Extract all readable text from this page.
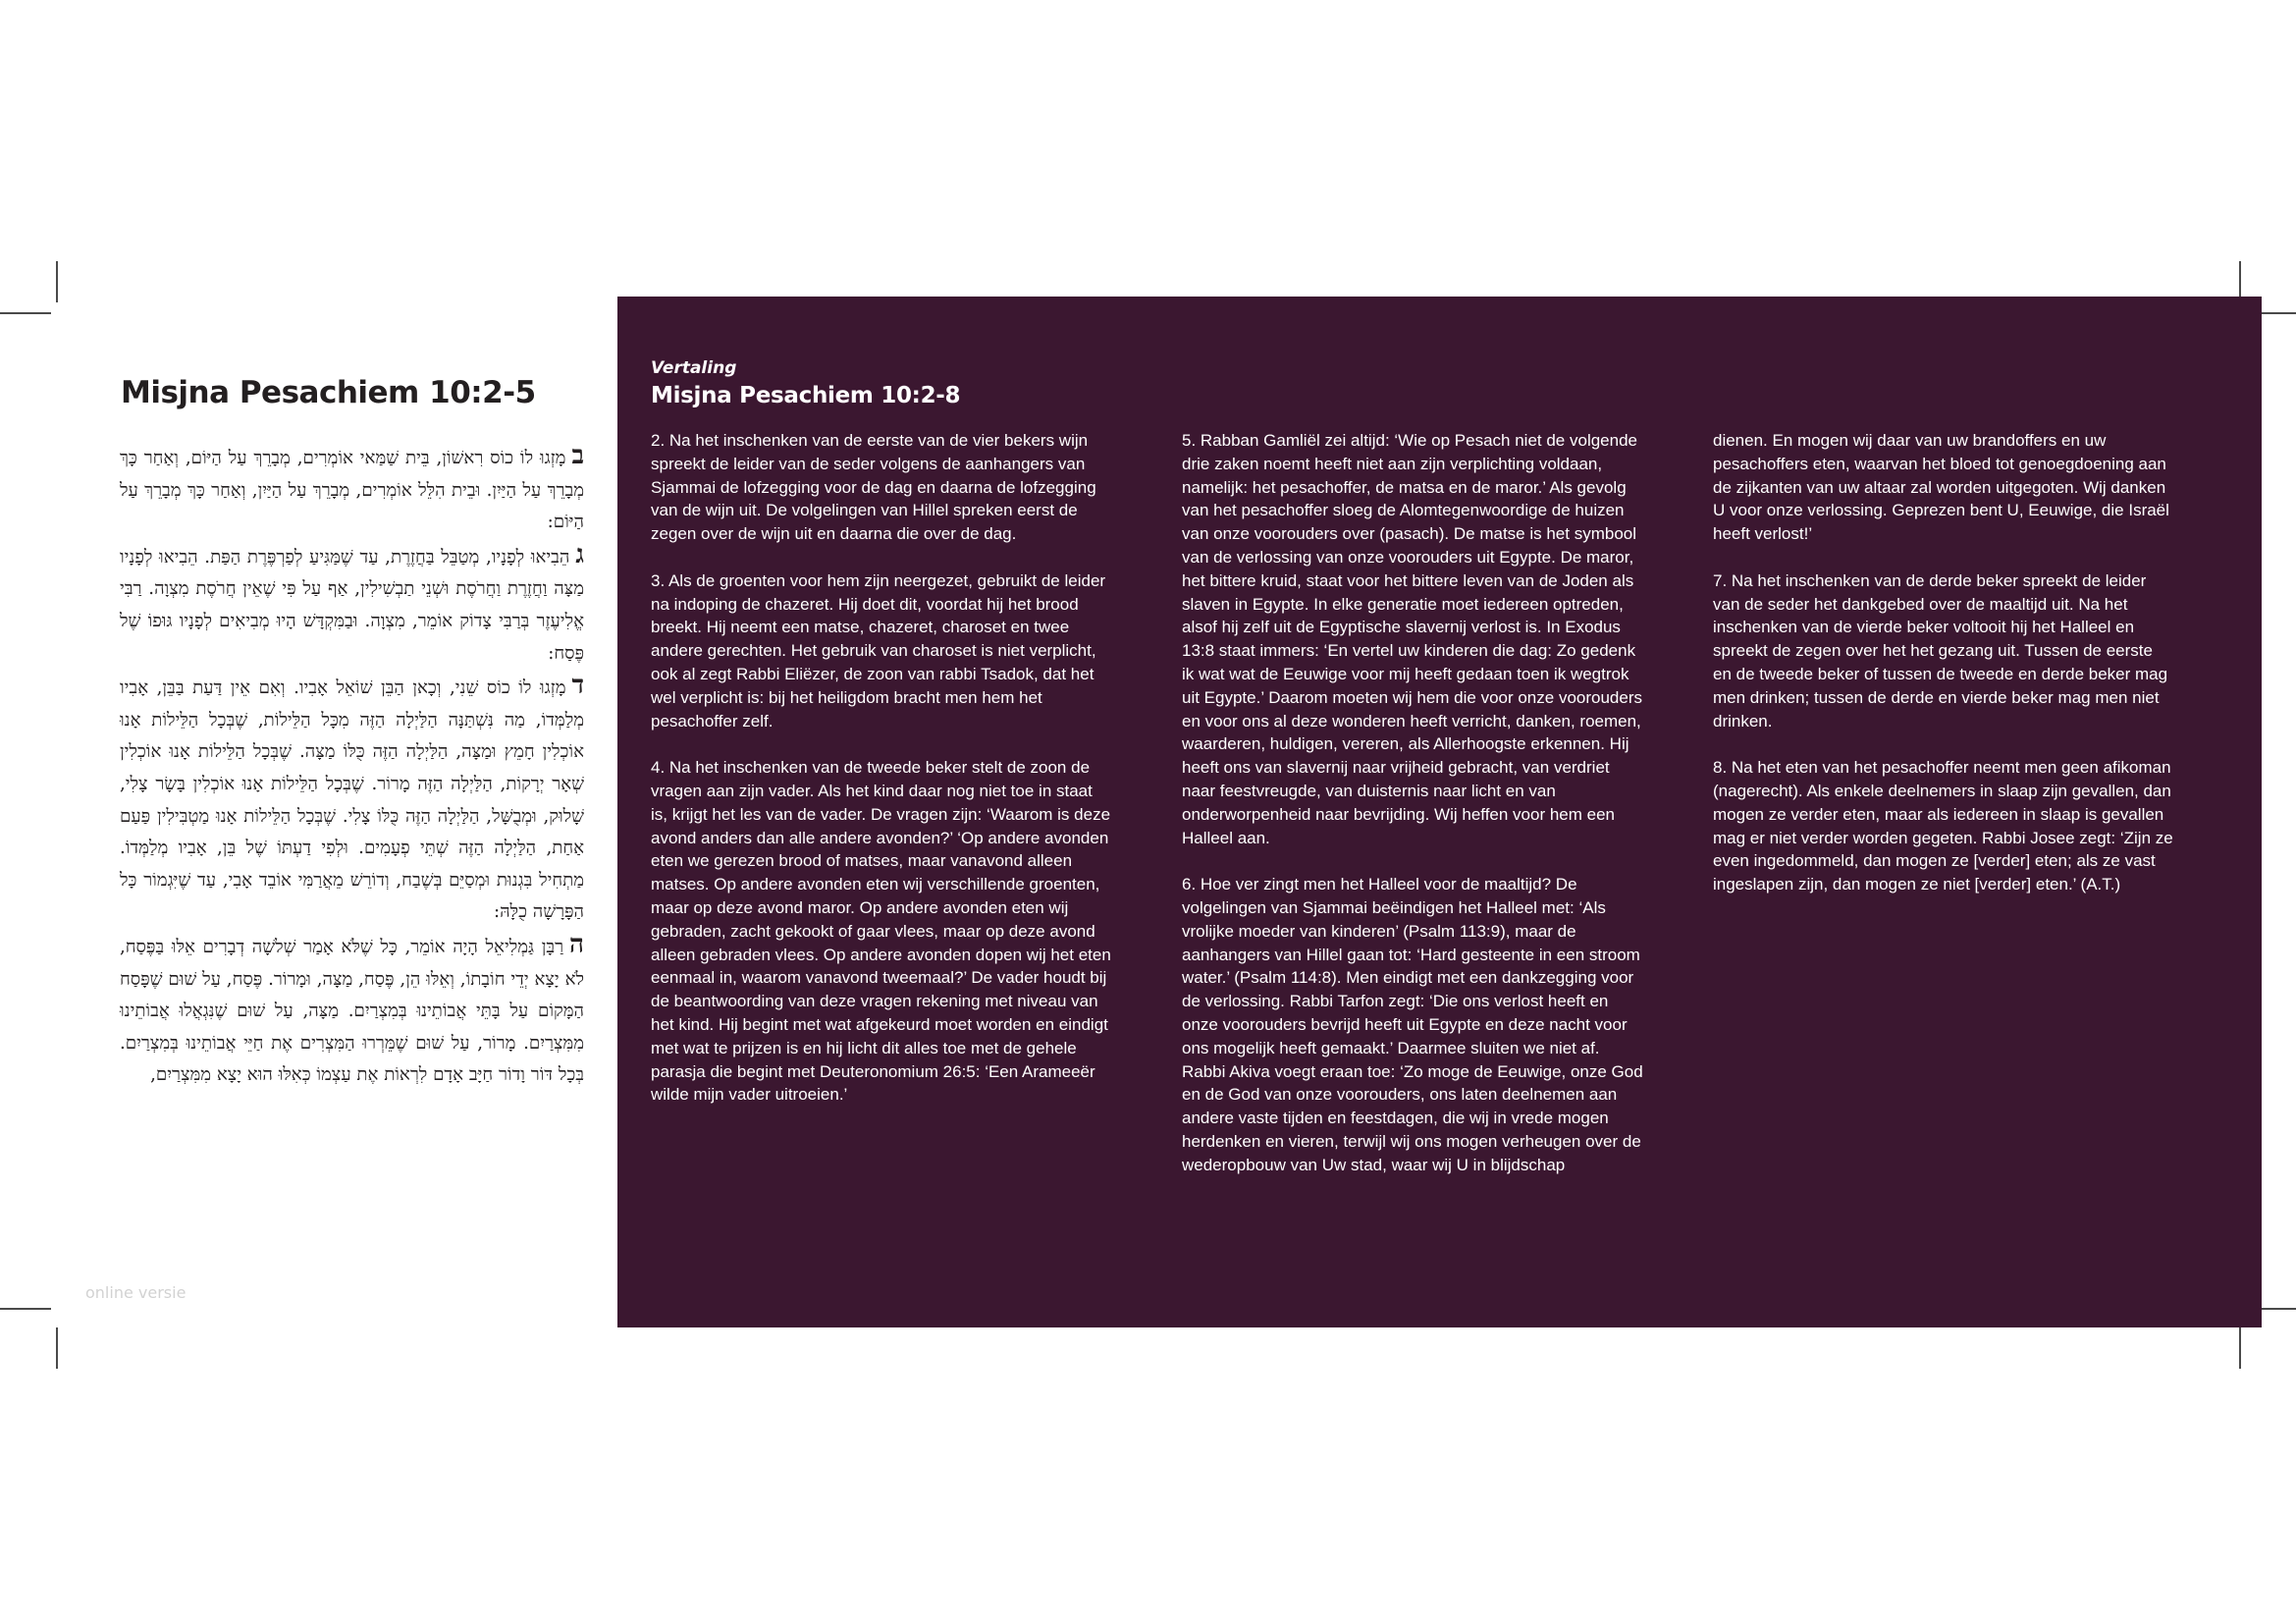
Misjna Pesachiem 10:2-5

במָזְגוּ לוֹ כוֹס רִאשׁוֹן, בֵּית שַׁמַּאי אוֹמְרִים, מְבָרֵךְ עַל הַיּוֹם, וְאַחַר כָּךְ מְבָרֵךְ עַל הַיַּיִן. וּבֵית הִלֵּל אוֹמְרִים, מְבָרֵךְ עַל הַיַּיִן, וְאַחַר כָּךְ מְבָרֵךְ עַל הַיּוֹם:

גהֵבִיאוּ לְפָנָיו, מְטַבֵּל בַּחֲזֶרֶת, עַד שֶׁמַּגִּיעַ לְפַרְפֶּרֶת הַפַּת. הֵבִיאוּ לְפָנָיו מַצָּה וַחֲזֶרֶת וַחֲרֹסֶת וּשְׁנֵי תַבְשִׁילִין, אַף עַל פִּי שֶׁאֵין חֲרֹסֶת מִצְוָה. רַבִּי אֱלִיעֶזֶר בְּרַבִּי צָדוֹק אוֹמֵר, מִצְוָה. וּבַמִּקְדָּשׁ הָיוּ מְבִיאִים לְפָנָיו גּוּפוֹ שֶׁל פֶּסַח:

דמָזְגוּ לוֹ כוֹס שֵׁנִי, וְכָאן הַבֵּן שׁוֹאֵל אָבִיו. וְאִם אֵין דַּעַת בַּבֵּן, אָבִיו מְלַמְּדוֹ, מַה נִּשְׁתַּנָּה הַלַּיְלָה הַזֶּה מִכָּל הַלֵּילוֹת, שֶׁבְּכָל הַלֵּילוֹת אָנוּ אוֹכְלִין חָמֵץ וּמַצָּה, הַלַּיְלָה הַזֶּה כֻּלּוֹ מַצָּה. שֶׁבְּכָל הַלֵּילוֹת אָנוּ אוֹכְלִין שְׁאָר יְרָקוֹת, הַלַּיְלָה הַזֶּה מָרוֹר. שֶׁבְּכָל הַלֵּילוֹת אָנוּ אוֹכְלִין בָּשָׂר צָלִי, שָׁלוּק, וּמְבֻשָּׁל, הַלַּיְלָה הַזֶּה כֻּלּוֹ צָלִי. שֶׁבְּכָל הַלֵּילוֹת אָנוּ מַטְבִּילִין פַּעַם אַחַת, הַלַּיְלָה הַזֶּה שְׁתֵּי פְעָמִים. וּלְפִי דַעְתּוֹ שֶׁל בֵּן, אָבִיו מְלַמְּדוֹ. מַתְחִיל בִּגְנוּת וּמְסַיֵּם בְּשֶׁבַח, וְדוֹרֵשׁ מֵאֲרַמִּי אוֹבֵד אָבִי, עַד שֶׁיִּגְמוֹר כָּל הַפָּרָשָׁה כֻלָּהּ:

הרַבָּן גַּמְלִיאֵל הָיָה אוֹמֵר, כָּל שֶׁלֹּא אָמַר שְׁלשָׁה דְבָרִים אֵלּוּ בַּפֶּסַח, לֹא יָצָא יְדֵי חוֹבָתוֹ, וְאֵלּוּ הֵן, פֶּסַח, מַצָּה, וּמָרוֹר. פֶּסַח, עַל שׁוּם שֶׁפָּסַח הַמָּקוֹם עַל בָּתֵּי אֲבוֹתֵינוּ בְּמִצְרַיִם. מַצָּה, עַל שׁוּם שֶׁנִּגְאֲלוּ אֲבוֹתֵינוּ מִמִּצְרַיִם. מָרוֹר, עַל שׁוּם שֶׁמֵּרְרוּ הַמִּצְרִים אֶת חַיֵּי אֲבוֹתֵינוּ בְּמִצְרַיִם. בְּכָל דּוֹר וָדוֹר חַיָּב אָדָם לִרְאוֹת אֶת עַצְמוֹ כְּאִלּוּ הוּא יָצָא מִמִּצְרַיִם,

online versie
Vertaling
Misjna Pesachiem 10:2-8

2. Na het inschenken van de eerste van de vier bekers wijn spreekt de leider van de seder volgens de aanhangers van Sjammai de lofzegging voor de dag en daarna de lofzegging van de wijn uit. De volgelingen van Hillel spreken eerst de zegen over de wijn uit en daarna die over de dag.

3. Als de groenten voor hem zijn neergezet, gebruikt de leider na indoping de chazeret. Hij doet dit, voordat hij het brood breekt. Hij neemt een matse, chazeret, charoset en twee andere gerechten. Het gebruik van charoset is niet verplicht, ook al zegt Rabbi Eliëzer, de zoon van rabbi Tsadok, dat het wel verplicht is: bij het heiligdom bracht men hem het pesachoffer zelf.

4. Na het inschenken van de tweede beker stelt de zoon de vragen aan zijn vader. Als het kind daar nog niet toe in staat is, krijgt het les van de vader. De vragen zijn: ‘Waarom is deze avond anders dan alle andere avonden?’ ‘Op andere avonden eten we gerezen brood of matses, maar vanavond alleen matses. Op andere avonden eten wij verschillende groenten, maar op deze avond maror. Op andere avonden eten wij gebraden, zacht gekookt of gaar vlees, maar op deze avond alleen gebraden vlees. Op andere avonden dopen wij het eten eenmaal in, waarom vanavond tweemaal?’ De vader houdt bij de beantwoording van deze vragen rekening met niveau van het kind. Hij begint met wat afgekeurd moet worden en eindigt met wat te prijzen is en hij licht dit alles toe met de gehele parasja die begint met Deuteronomium 26:5: ‘Een Arameeër wilde mijn vader uitroeien.’

5. Rabban Gamliël zei altijd: ‘Wie op Pesach niet de volgende drie zaken noemt heeft niet aan zijn verplichting voldaan, namelijk: het pesachoffer, de matsa en de maror.’ Als gevolg van het pesachoffer sloeg de Alomtegenwoordige de huizen van onze voorouders over (pasach). De matse is het symbool van de verlossing van onze voorouders uit Egypte. De maror, het bittere kruid, staat voor het bittere leven van de Joden als slaven in Egypte. In elke generatie moet iedereen optreden, alsof hij zelf uit de Egyptische slavernij verlost is. In Exodus 13:8 staat immers: ‘En vertel uw kinderen die dag: Zo gedenk ik wat wat de Eeuwige voor mij heeft gedaan toen ik wegtrok uit Egypte.’ Daarom moeten wij hem die voor onze voorouders en voor ons al deze wonderen heeft verricht, danken, roemen, waarderen, huldigen, vereren, als Allerhoogste erkennen. Hij heeft ons van slavernij naar vrijheid gebracht, van verdriet naar feestvreugde, van duisternis naar licht en van onderworpenheid naar bevrijding. Wij heffen voor hem een Halleel aan.

6. Hoe ver zingt men het Halleel voor de maaltijd? De volgelingen van Sjammai beëindigen het Halleel met: ‘Als vrolijke moeder van kinderen’ (Psalm 113:9), maar de aanhangers van Hillel gaan tot: ‘Hard gesteente in een stroom water.’ (Psalm 114:8). Men eindigt met een dankzegging voor de verlossing. Rabbi Tarfon zegt: ‘Die ons verlost heeft en onze voorouders bevrijd heeft uit Egypte en deze nacht voor ons mogelijk heeft gemaakt.’ Daarmee sluiten we niet af. Rabbi Akiva voegt eraan toe: ‘Zo moge de Eeuwige, onze God en de God van onze voorouders, ons laten deelnemen aan andere vaste tijden en feestdagen, die wij in vrede mogen herdenken en vieren, terwijl wij ons mogen verheugen over de wederopbouw van Uw stad, waar wij U in blijdschap

dienen. En mogen wij daar van uw brandoffers en uw pesachoffers eten, waarvan het bloed tot genoegdoening aan de zijkanten van uw altaar zal worden uitgegoten. Wij danken U voor onze verlossing. Geprezen bent U, Eeuwige, die Israël heeft verlost!’

7. Na het inschenken van de derde beker spreekt de leider van de seder het dankgebed over de maaltijd uit. Na het inschenken van de vierde beker voltooit hij het Halleel en spreekt de zegen over het het gezang uit. Tussen de eerste en de tweede beker of tussen de tweede en derde beker mag men drinken; tussen de derde en vierde beker mag men niet drinken.

8. Na het eten van het pesachoffer neemt men geen afikoman (nagerecht). Als enkele deelnemers in slaap zijn gevallen, dan mogen ze verder eten, maar als iedereen in slaap is gevallen mag er niet verder worden gegeten. Rabbi Josee zegt: ‘Zijn ze even ingedommeld, dan mogen ze [verder] eten; als ze vast ingeslapen zijn, dan mogen ze niet [verder] eten.’ (A.T.)
